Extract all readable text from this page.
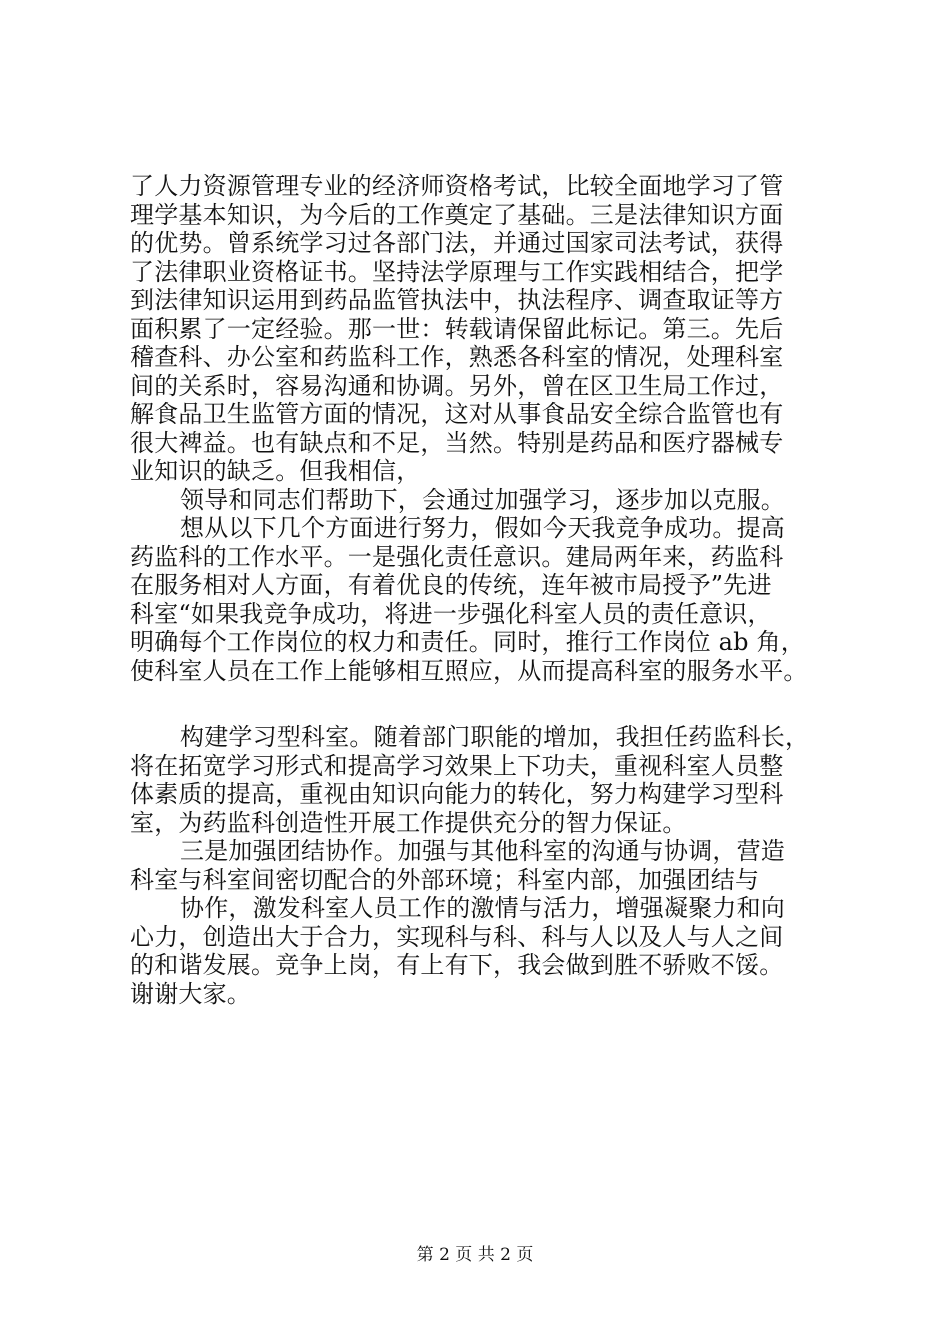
了人力资源管理专业的经济师资格考试，比较全面地学习了管
理学基本知识，为今后的工作奠定了基础。三是法律知识方面
的优势。曾系统学习过各部门法，并通过国家司法考试，获得
了法律职业资格证书。坚持法学原理与工作实践相结合，把学
到法律知识运用到药品监管执法中，执法程序、调查取证等方
面积累了一定经验。那一世：转载请保留此标记。第三。先后
稽查科、办公室和药监科工作，熟悉各科室的情况，处理科室
间的关系时，容易沟通和协调。另外，曾在区卫生局工作过，
解食品卫生监管方面的情况，这对从事食品安全综合监管也有
很大裨益。也有缺点和不足，当然。特别是药品和医疗器械专
业知识的缺乏。但我相信，
领导和同志们帮助下，会通过加强学习，逐步加以克服。
想从以下几个方面进行努力，假如今天我竞争成功。提高
药监科的工作水平。一是强化责任意识。建局两年来，药监科
在服务相对人方面，有着优良的传统，连年被市局授予”先进
科室“如果我竞争成功，将进一步强化科室人员的责任意识，
明确每个工作岗位的权力和责任。同时，推行工作岗位 ab 角，
使科室人员在工作上能够相互照应，从而提高科室的服务水平。
构建学习型科室。随着部门职能的增加，我担任药监科长，
将在拓宽学习形式和提高学习效果上下功夫，重视科室人员整
体素质的提高，重视由知识向能力的转化，努力构建学习型科
室，为药监科创造性开展工作提供充分的智力保证。
三是加强团结协作。加强与其他科室的沟通与协调，营造
科室与科室间密切配合的外部环境；科室内部，加强团结与
协作，激发科室人员工作的激情与活力，增强凝聚力和向
心力，创造出大于合力，实现科与科、科与人以及人与人之间
的和谐发展。竞争上岗，有上有下，我会做到胜不骄败不馁。
谢谢大家。
第 2 页 共 2 页
